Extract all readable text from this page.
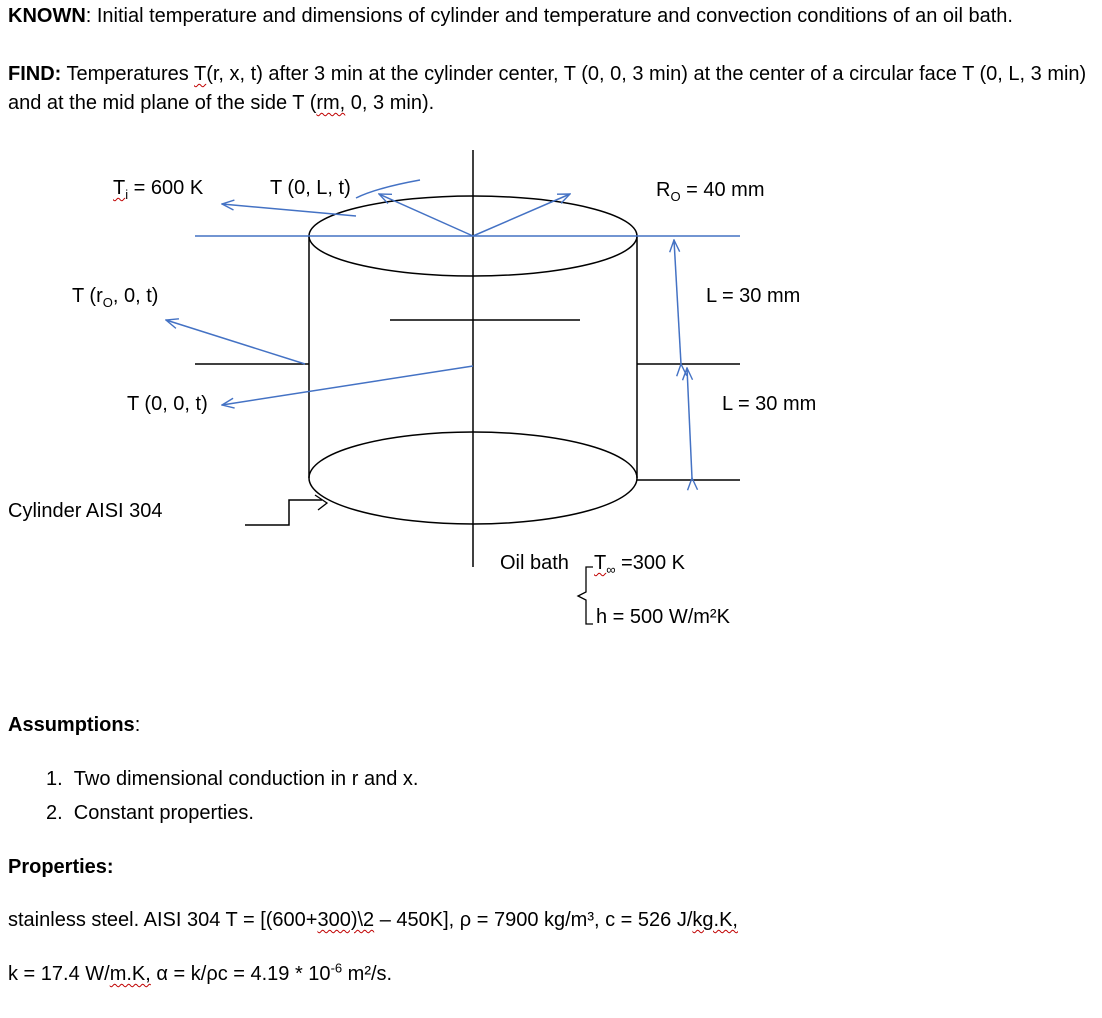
KNOWN: Initial temperature and dimensions of cylinder and temperature and convection conditions of an oil bath.
FIND: Temperatures T(r, x, t) after 3 min at the cylinder center, T (0, 0, 3 min) at the center of a circular face T (0, L, 3 min) and at the mid plane of the side T (rm, 0, 3 min).
$T_i = 600$ K	T (0, L, t)	$R_O = 40$ mm
T ($r_O$, 0, t)	L = 30 mm
T (0, 0, t)	L = 30 mm
Cylinder AISI 304
Oil bath $T_\infty =300$ K
h = 500 W/m²K
Assumptions:
1.  Two dimensional conduction in r and x.
2.  Constant properties.
Properties:
stainless steel. AISI 304 T = [(600+300)\2 – 450K], ρ = 7900 kg/m³, c = 526 J/kg.K,
k = 17.4 W/m.K, $\alpha = k/\rho c = 4.19 * 10^{-6}$ m²/s.
